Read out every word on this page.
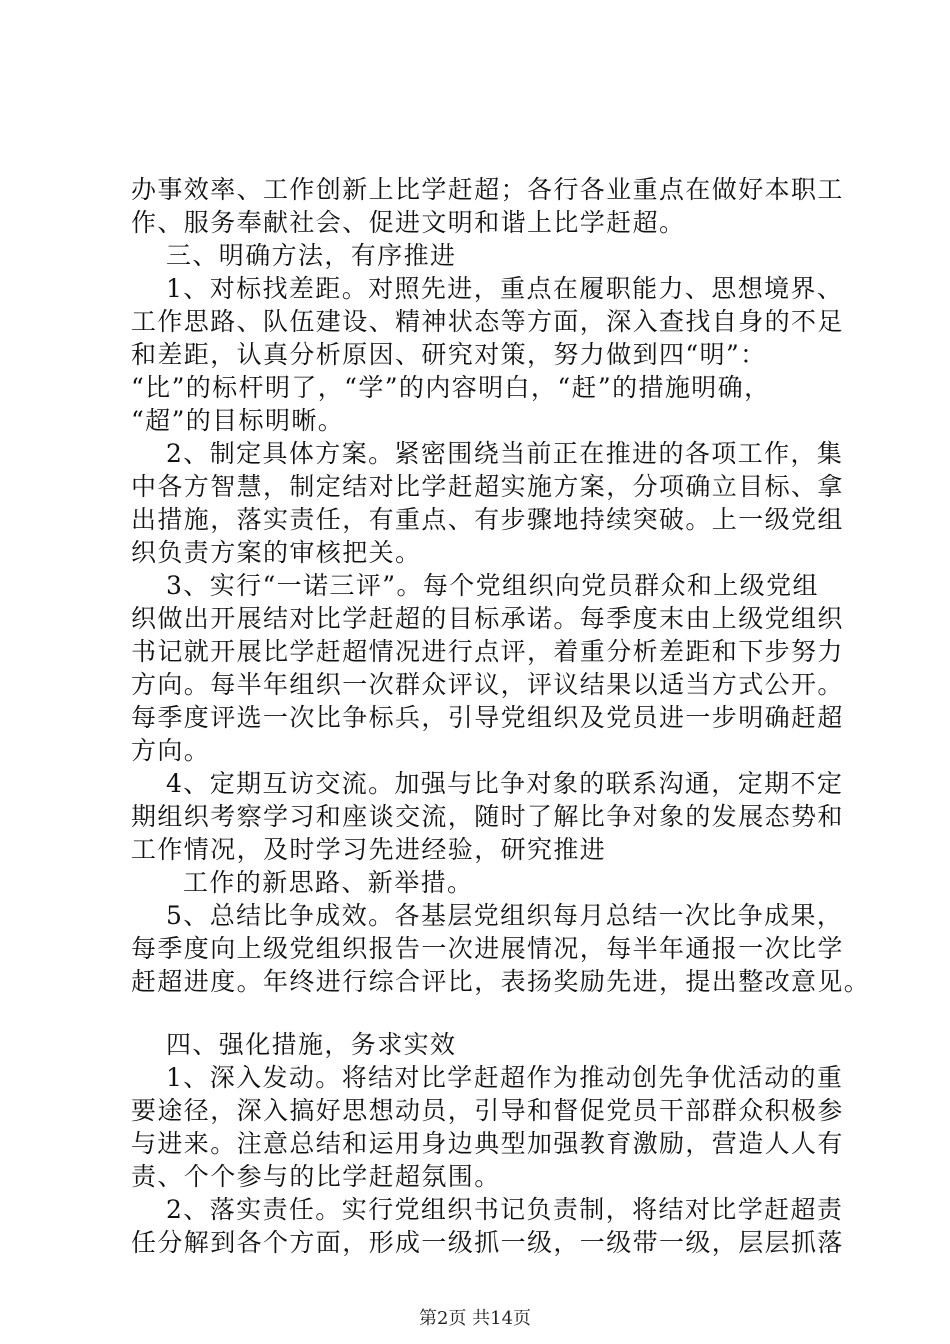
办事效率、工作创新上比学赶超；各行各业重点在做好本职工
作、服务奉献社会、促进文明和谐上比学赶超。
三、明确方法，有序推进
1、对标找差距。对照先进，重点在履职能力、思想境界、
工作思路、队伍建设、精神状态等方面，深入查找自身的不足
和差距，认真分析原因、研究对策，努力做到四“明”：
“比”的标杆明了，“学”的内容明白，“赶”的措施明确，
“超”的目标明晰。
2、制定具体方案。紧密围绕当前正在推进的各项工作，集
中各方智慧，制定结对比学赶超实施方案，分项确立目标、拿
出措施，落实责任，有重点、有步骤地持续突破。上一级党组
织负责方案的审核把关。
3、实行“一诺三评”。每个党组织向党员群众和上级党组
织做出开展结对比学赶超的目标承诺。每季度末由上级党组织
书记就开展比学赶超情况进行点评，着重分析差距和下步努力
方向。每半年组织一次群众评议，评议结果以适当方式公开。
每季度评选一次比争标兵，引导党组织及党员进一步明确赶超
方向。
4、定期互访交流。加强与比争对象的联系沟通，定期不定
期组织考察学习和座谈交流，随时了解比争对象的发展态势和
工作情况，及时学习先进经验，研究推进
工作的新思路、新举措。
5、总结比争成效。各基层党组织每月总结一次比争成果，
每季度向上级党组织报告一次进展情况，每半年通报一次比学
赶超进度。年终进行综合评比，表扬奖励先进，提出整改意见。
四、强化措施，务求实效
1、深入发动。将结对比学赶超作为推动创先争优活动的重
要途径，深入搞好思想动员，引导和督促党员干部群众积极参
与进来。注意总结和运用身边典型加强教育激励，营造人人有
责、个个参与的比学赶超氛围。
2、落实责任。实行党组织书记负责制，将结对比学赶超责
任分解到各个方面，形成一级抓一级，一级带一级，层层抓落
第2页 共14页
